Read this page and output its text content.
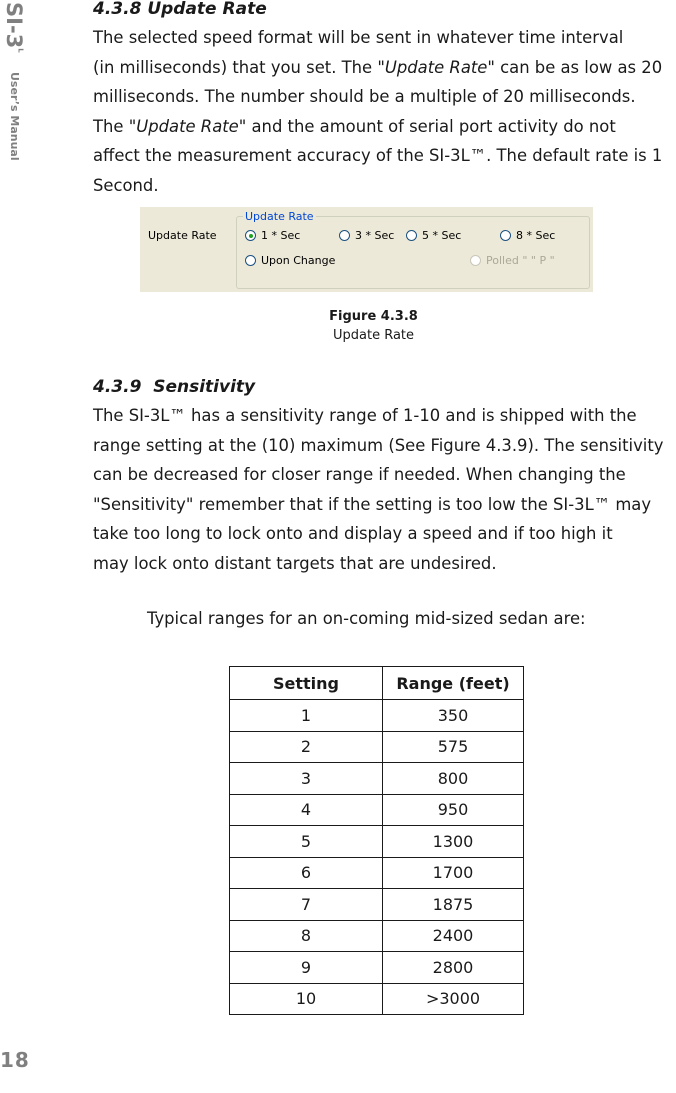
$SI-3^L$ User’s Manual
18
4.3.8 Update Rate

The selected speed format will be sent in whatever time interval

(in milliseconds) that you set. The "Update Rate" can be as low as 20

milliseconds. The number should be a multiple of 20 milliseconds.

The "Update Rate" and the amount of serial port activity do not

affect the measurement accuracy of the SI-3L™. The default rate is 1

Second.

Update Rate
Update Rate
1 * Sec	3 * Sec	5 * Sec	8 * Sec
Upon Change	Polled " " P "
Figure 4.3.8
Update Rate
4.3.9  Sensitivity

The SI-3L™ has a sensitivity range of 1-10 and is shipped with the

range setting at the (10) maximum (See Figure 4.3.9). The sensitivity

can be decreased for closer range if needed. When changing the

"Sensitivity" remember that if the setting is too low the SI-3L™ may

take too long to lock onto and display a speed and if too high it

may lock onto distant targets that are undesired.

Typical ranges for an on-coming mid-sized sedan are:
Setting	Range (feet)
1	350
2	575
3	800
4	950
5	1300
6	1700
7	1875
8	2400
9	2800
10	>3000
